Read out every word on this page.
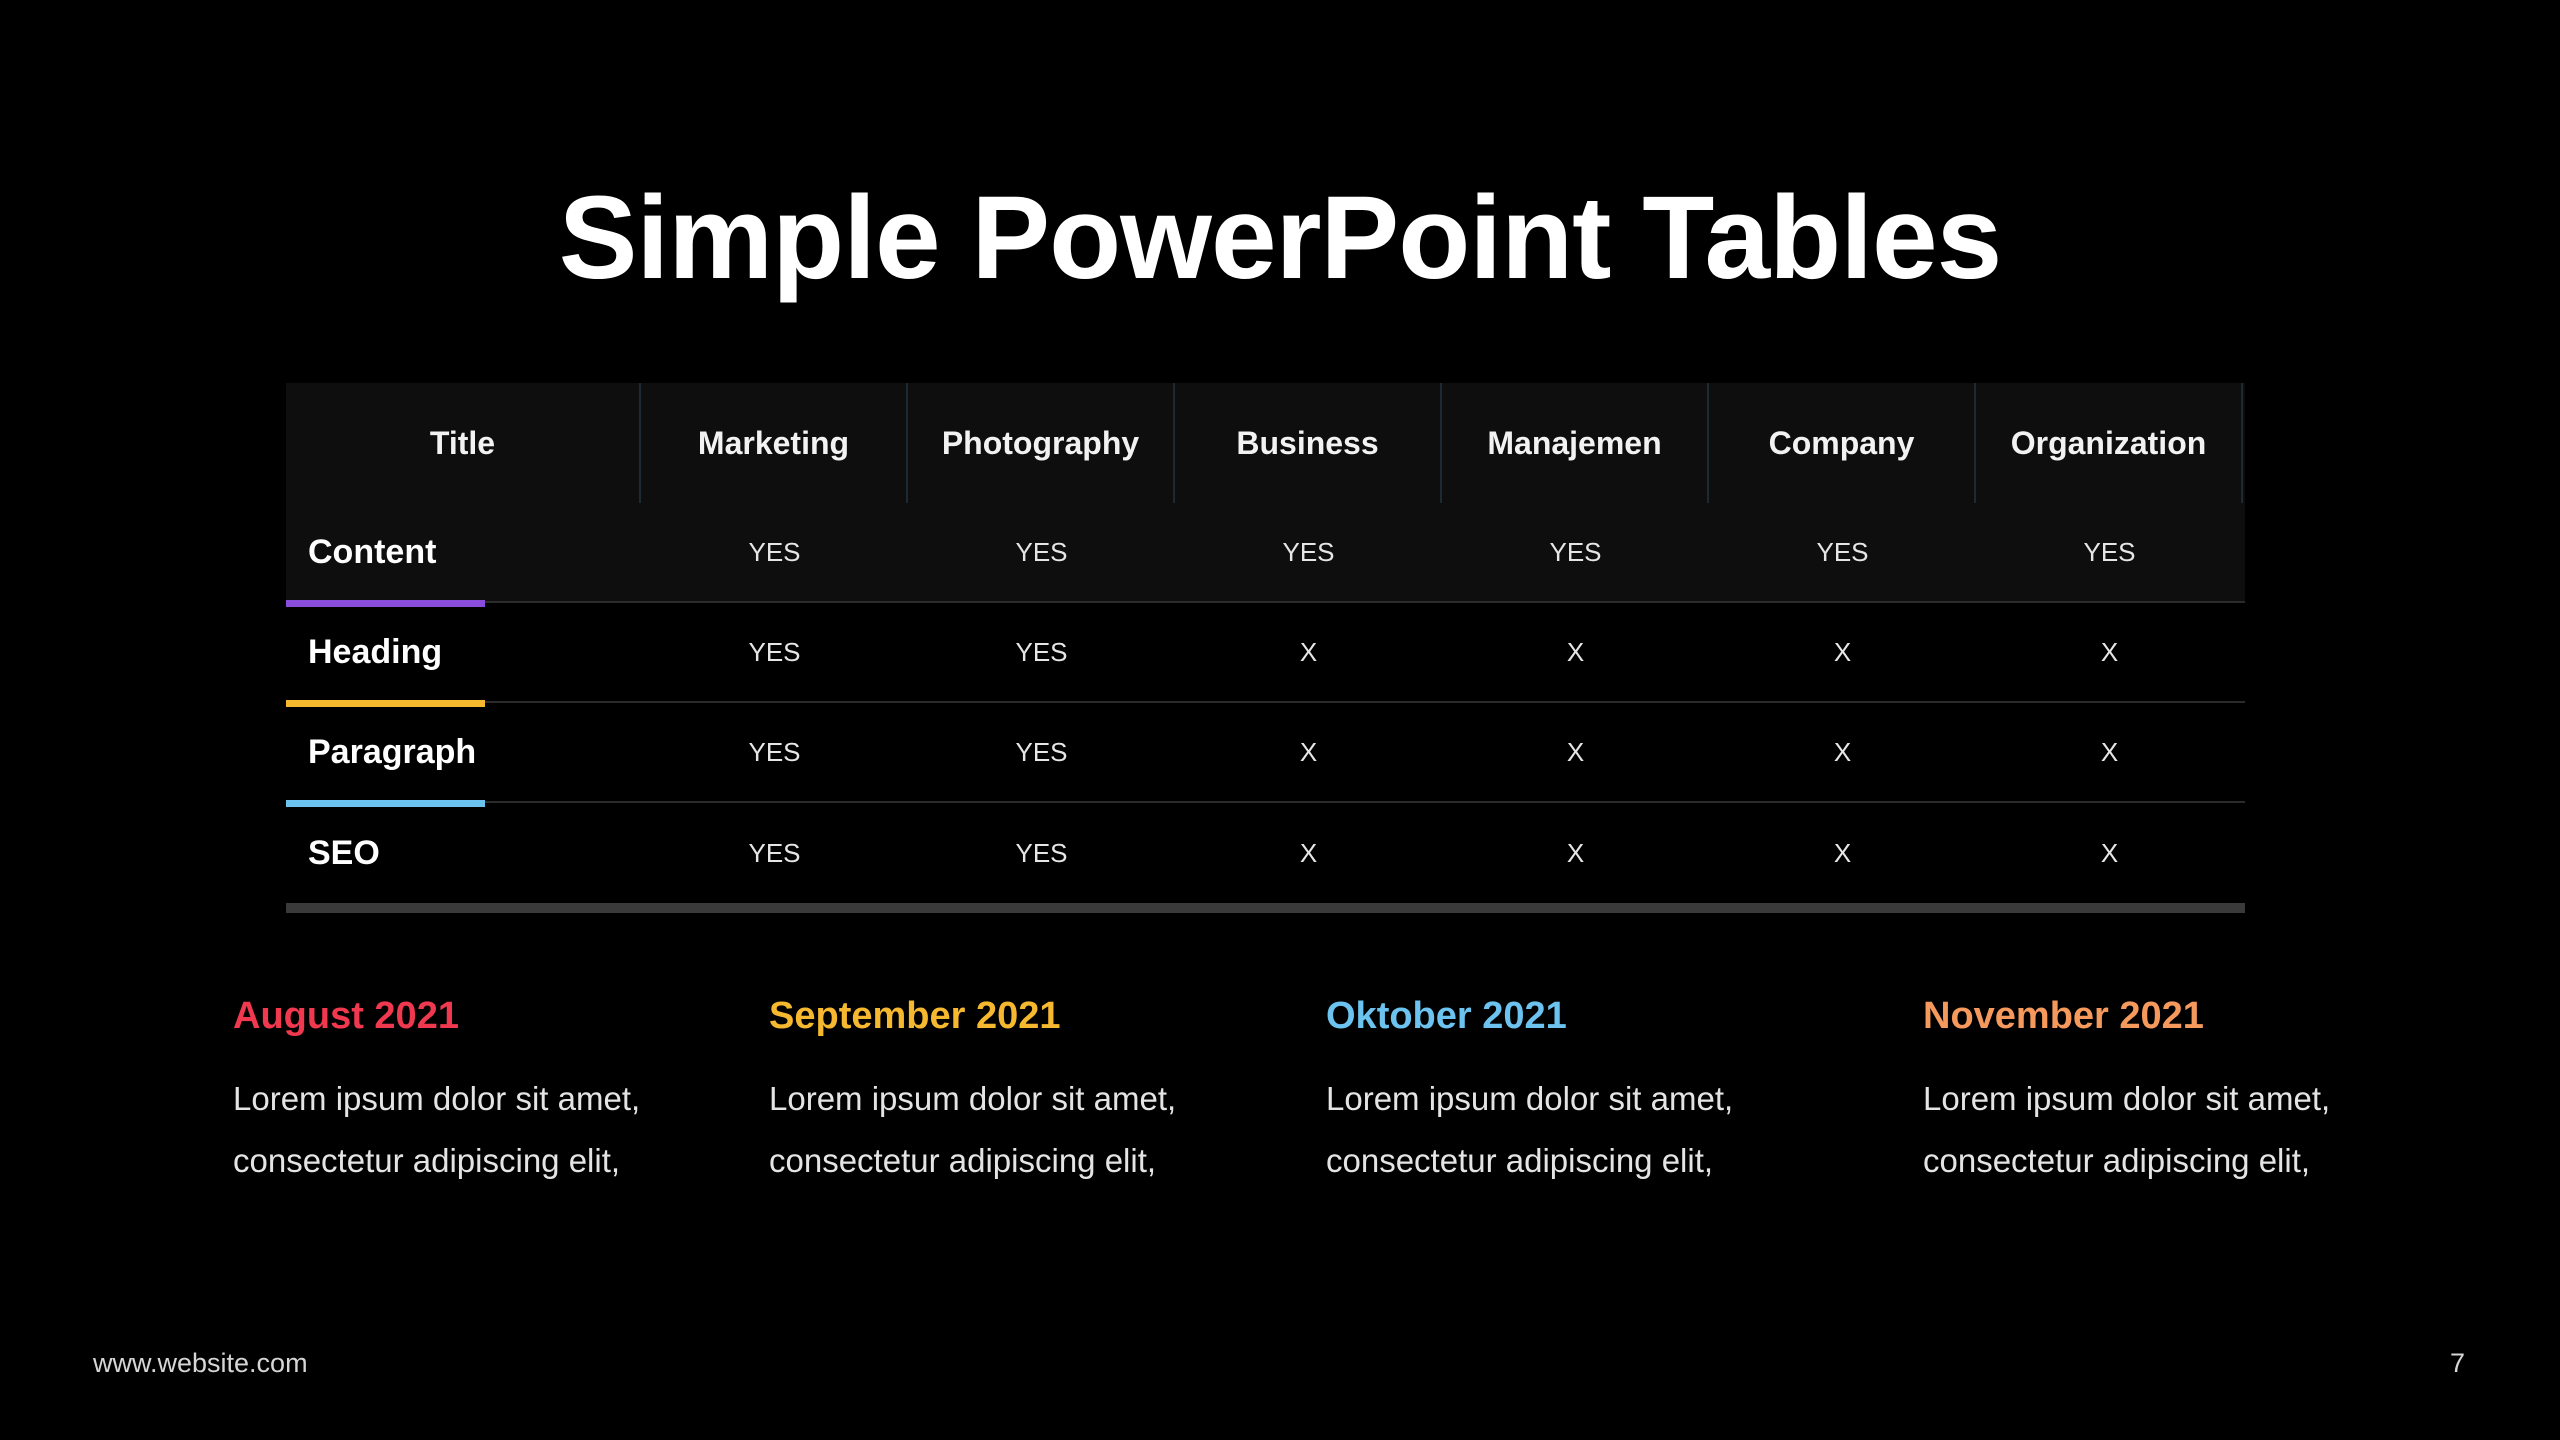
Simple PowerPoint Tables
Title	Marketing	Photography	Business	Manajemen	Company	Organization
Content	YES	YES	YES	YES	YES	YES
Heading	YES	YES	X	X	X	X
Paragraph	YES	YES	X	X	X	X
SEO	YES	YES	X	X	X	X
August 2021
Lorem ipsum dolor sit amet,
consectetur adipiscing elit,
September 2021
Lorem ipsum dolor sit amet,
consectetur adipiscing elit,
Oktober 2021
Lorem ipsum dolor sit amet,
consectetur adipiscing elit,
November 2021
Lorem ipsum dolor sit amet,
consectetur adipiscing elit,
www.website.com	7
